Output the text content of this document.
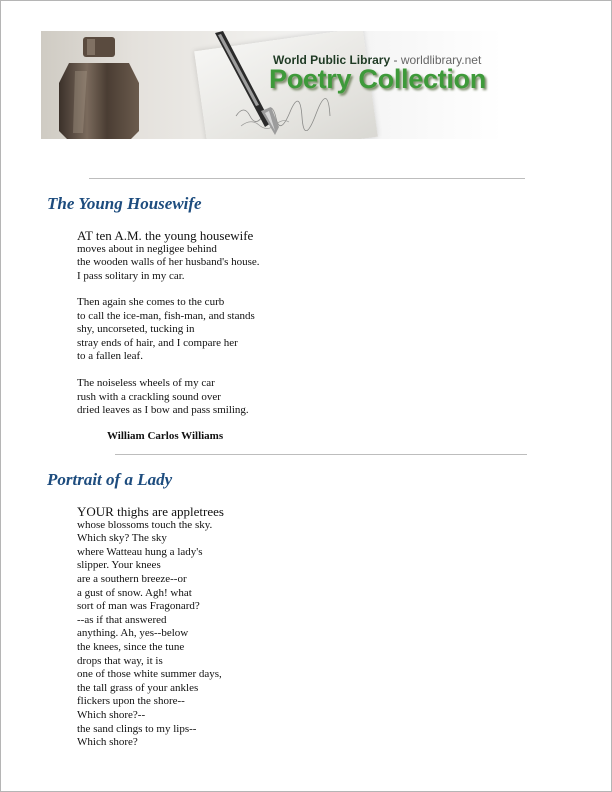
World Public Library - worldlibrary.net
Poetry Collection
The Young Housewife
AT ten A.M. the young housewife
moves about in negligee behind
the wooden walls of her husband's house.
I pass solitary in my car.
Then again she comes to the curb
to call the ice-man, fish-man, and stands
shy, uncorseted, tucking in
stray ends of hair, and I compare her
to a fallen leaf.
The noiseless wheels of my car
rush with a crackling sound over
dried leaves as I bow and pass smiling.
William Carlos Williams
Portrait of a Lady
YOUR thighs are appletrees
whose blossoms touch the sky.
Which sky? The sky
where Watteau hung a lady's
slipper. Your knees
are a southern breeze--or
a gust of snow. Agh! what
sort of man was Fragonard?
--as if that answered
anything. Ah, yes--below
the knees, since the tune
drops that way, it is
one of those white summer days,
the tall grass of your ankles
flickers upon the shore--
Which shore?--
the sand clings to my lips--
Which shore?
